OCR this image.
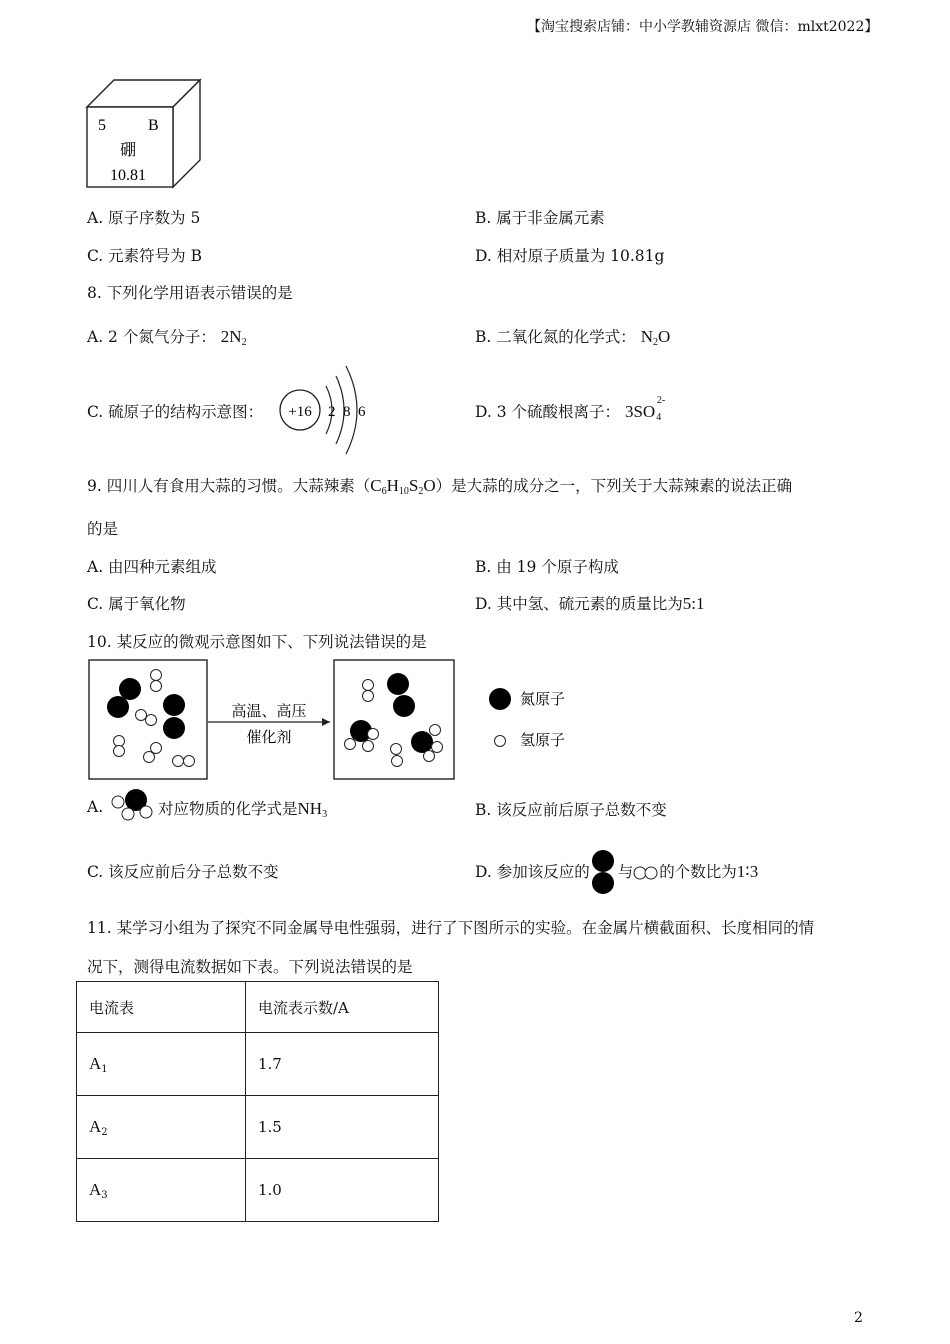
【淘宝搜索店铺：中小学教辅资源店 微信：mlxt2022】
5	B
硼
10.81
A. 原子序数为 5	B. 属于非金属元素
C. 元素符号为 B	D. 相对原子质量为 10.81g
8. 下列化学用语表示错误的是
A. 2 个氮气分子： $2N_2$	B. 二氧化氮的化学式： $N_2O$
C. 硫原子的结构示意图： +16 2 8 6	D. 3 个硫酸根离子： 3SO
2-
4
9. 四川人有食用大蒜的习惯。大蒜辣素$(C_6H_{10}S_2O)$是大蒜的成分之一，下列关于大蒜辣素的说法正确
的是
A. 由四种元素组成	B. 由 19 个原子构成
C. 属于氧化物	D. 其中氢、硫元素的质量比为5:1
10. 某反应的微观示意图如下、下列说法错误的是
高温、高压
催化剂
氮原子
氢原子
A.	对应物质的化学式是$NH_3$	B. 该反应前后原子总数不变
C. 该反应前后分子总数不变	D. 参加该反应的 与 的个数比为1∶3
11. 某学习小组为了探究不同金属导电性强弱，进行了下图所示的实验。在金属片横截面积、长度相同的情
况下，测得电流数据如下表。下列说法错误的是
电流表	电流表示数/A
$A_1$	1.7
$A_2$	1.5
$A_3$	1.0
2
